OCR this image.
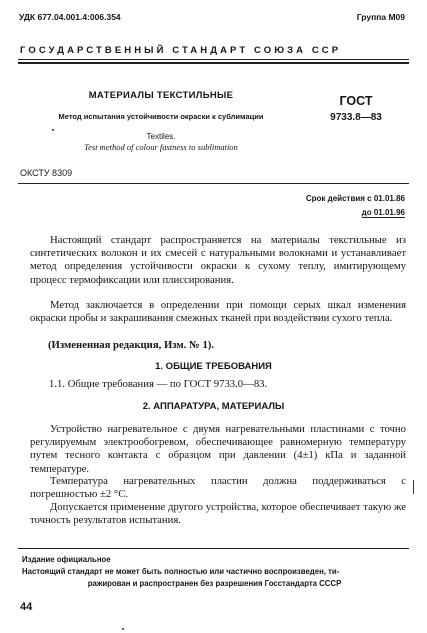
УДК 677.04.001.4:006.354	Группа М09
ГОСУДАРСТВЕННЫЙ СТАНДАРТ СОЮЗА ССР
МАТЕРИАЛЫ ТЕКСТИЛЬНЫЕ
Метод испытания устойчивости окраски к сублимации
Textiles.
Test method of colour fastness to sublimation
ГОСТ
9733.8—83
ОКСТУ 8309
Срок действия с 01.01.86
до 01.01.96
Настоящий стандарт распространяется на материалы текстильные из синтетических волокон и их смесей с натуральными волокнами и устанавливает метод определения устойчивости окраски к сухому теплу, имитирующему процесс термофиксации или плиссирования.
Метод заключается в определении при помощи серых шкал изменения окраски пробы и закрашивания смежных тканей при воздействии сухого тепла.
(Измененная редакция, Изм. № 1).
1. ОБЩИЕ ТРЕБОВАНИЯ
1.1. Общие требования — по ГОСТ 9733.0—83.
2. АППАРАТУРА, МАТЕРИАЛЫ
Устройство нагревательное с двумя нагревательными пластинами с точно регулируемым электрообогревом, обеспечивающее равномерную температуру путем тесного контакта с образцом при давлении (4±1) кПа и заданной температуре.
Температура нагревательных пластин должна поддерживаться с погрешностью ±2 °С.
Допускается применение другого устройства, которое обеспечивает такую же точность результатов испытания.
Издание официальное
Настоящий стандарт не может быть полностью или частично воспроизведен, ти-
ражирован и распространен без разрешения Госстандарта СССР
44
